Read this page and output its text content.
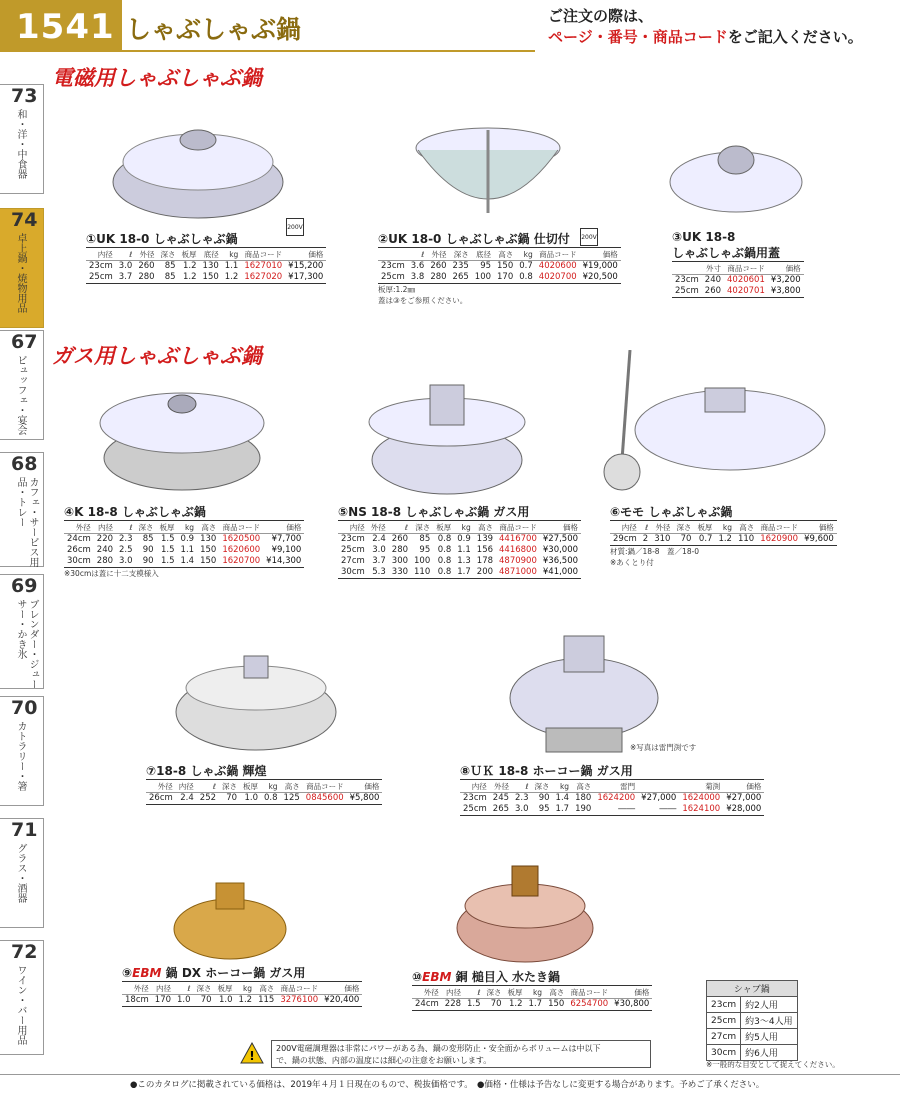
1541 しゃぶしゃぶ鍋	ご注文の際は、
ページ・番号・商品コードをご記入ください。
73
和・洋・中食器
74
卓上鍋・焼物用品
67
ビュッフェ・宴会
68
カフェ・サービス用品・トレー
69
ブレンダー・ジューサー・かき氷
70
カトラリー・箸
71
グラス・酒器
72
ワイン・バー用品
電磁用しゃぶしゃぶ鍋
ガス用しゃぶしゃぶ鍋
200V
200V
①UK 18-0 しゃぶしゃぶ鍋
内径	ℓ	外径	深さ	板厚	底径	kg	商品コード	価格
23cm	3.0	260	85	1.2	130	1.1	1627010	¥15,200
25cm	3.7	280	85	1.2	150	1.2	1627020	¥17,300
②UK 18-0 しゃぶしゃぶ鍋 仕切付
	ℓ	外径	深さ	底径	高さ	kg	商品コード	価格
23cm	3.6	260	235	95	150	0.7	4020600	¥19,000
25cm	3.8	280	265	100	170	0.8	4020700	¥20,500
板厚:1.2㎜
蓋は③をご参照ください。
③UK 18-8
しゃぶしゃぶ鍋用蓋
	外寸	商品コード	価格
23cm	240	4020601	¥3,200
25cm	260	4020701	¥3,800
④K 18-8 しゃぶしゃぶ鍋
外径	内径	ℓ	深さ	板厚	kg	高さ	商品コード	価格
24cm	220	2.3	85	1.5	0.9	130	1620500	¥7,700
26cm	240	2.5	90	1.5	1.1	150	1620600	¥9,100
30cm	280	3.0	90	1.5	1.4	150	1620700	¥14,300
※30cmは蓋に十二支模様入
⑤NS 18-8 しゃぶしゃぶ鍋 ガス用
内径	外径	ℓ	深さ	板厚	kg	高さ	商品コード	価格
23cm	2.4	260	85	0.8	0.9	139	4416700	¥27,500
25cm	3.0	280	95	0.8	1.1	156	4416800	¥30,000
27cm	3.7	300	100	0.8	1.3	178	4870900	¥36,500
30cm	5.3	330	110	0.8	1.7	200	4871000	¥41,000
⑥モモ しゃぶしゃぶ鍋
内径	ℓ	外径	深さ	板厚	kg	高さ	商品コード	価格
29cm	2	310	70	0.7	1.2	110	1620900	¥9,600
材質:鍋／18-8　蓋／18-0
※あくとり付
⑦18-8 しゃぶ鍋 輝煌
外径	内径	ℓ	深さ	板厚	kg	高さ	商品コード	価格
26cm	2.4	252	70	1.0	0.8	125	0845600	¥5,800
※写真は雷門渕です
⑧ＵＫ 18-8 ホーコー鍋 ガス用
内径	外径	ℓ	深さ	kg	高さ	雷門		菊渕	価格
23cm	245	2.3	90	1.4	180	1624200	¥27,000	1624000	¥27,000
25cm	265	3.0	95	1.7	190	――	――	1624100	¥28,000
⑨EBM 鍋 DX ホーコー鍋 ガス用
外径	内径	ℓ	深さ	板厚	kg	高さ	商品コード	価格
18cm	170	1.0	70	1.0	1.2	115	3276100	¥20,400
⑩EBM 銅 槌目入 水たき鍋
外径	内径	ℓ	深さ	板厚	kg	高さ	商品コード	価格
24cm	228	1.5	70	1.2	1.7	150	6254700	¥30,800
シャブ鍋	
23cm	約2人用
25cm	約3〜4人用
27cm	約5人用
30cm	約6人用
※一般的な目安として捉えてください。
!
200V電磁調理器は非常にパワーがある為、鍋の変形防止・安全面からボリュームは中以下
で、鍋の状態、内部の温度には細心の注意をお願いします。
●このカタログに掲載されている価格は、2019年４月１日現在のもので、税抜価格です。　●価格・仕様は予告なしに変更する場合があります。予めご了承ください。
